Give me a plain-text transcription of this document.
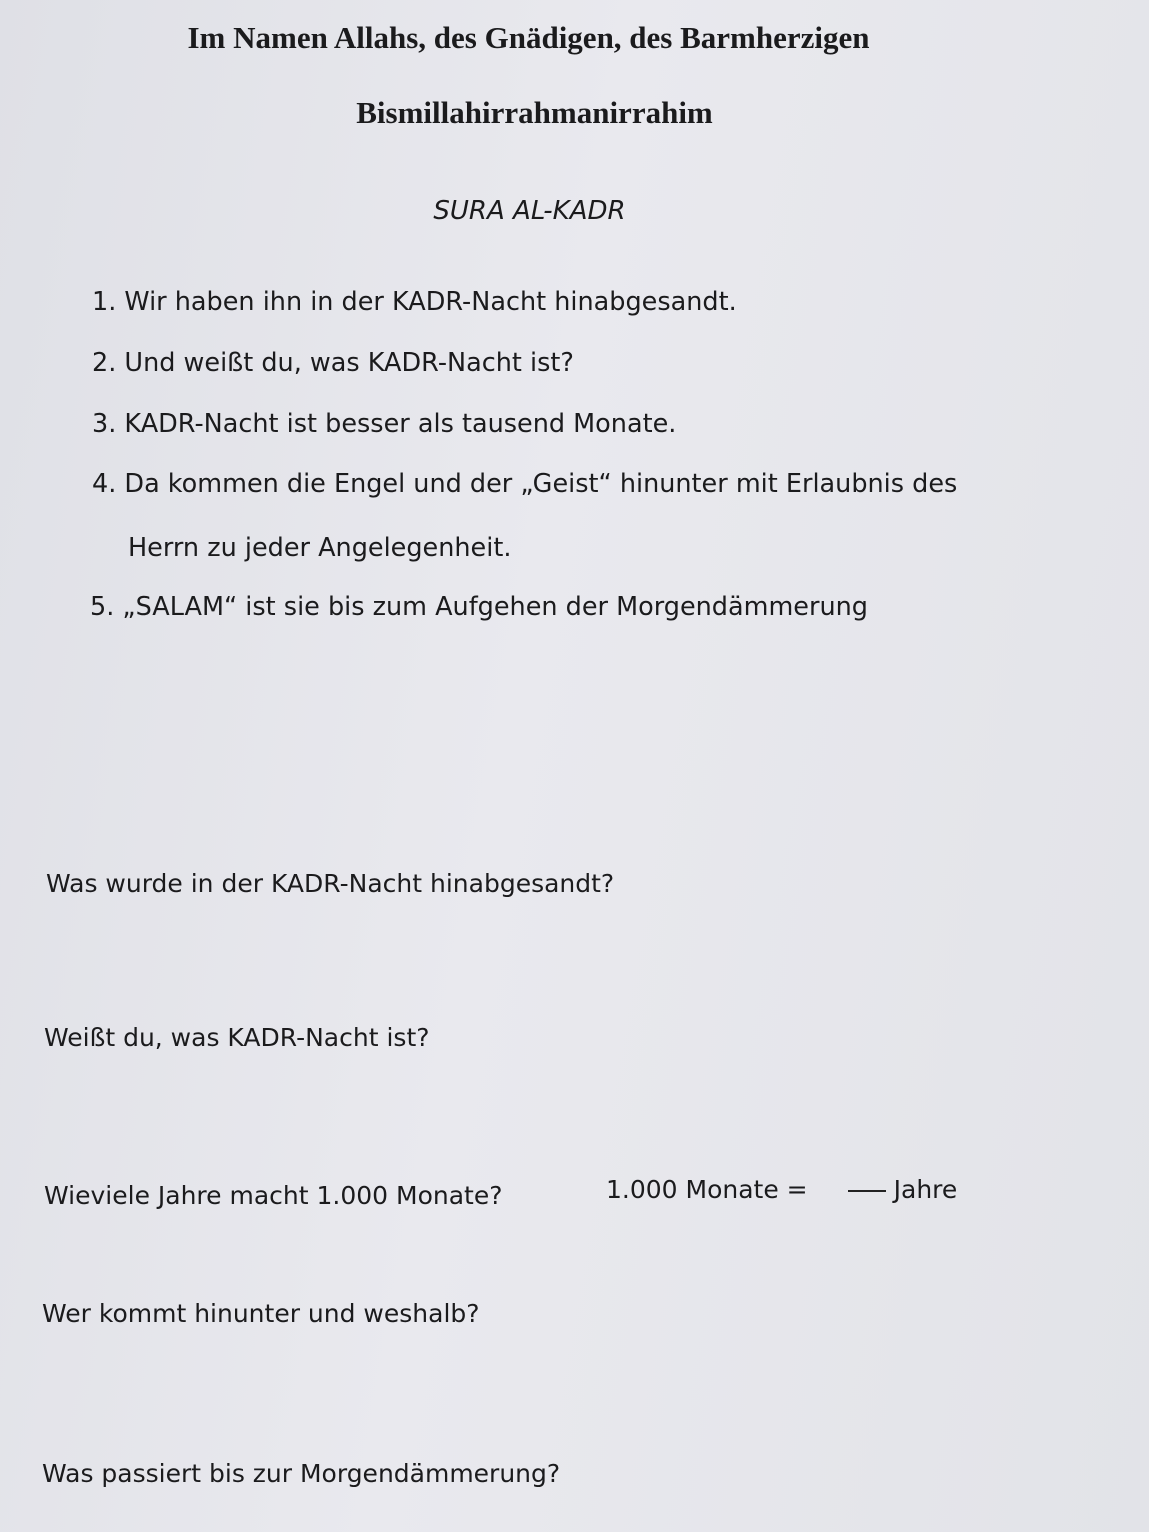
Im Namen Allahs, des Gnädigen, des Barmherzigen
Bismillahirrahmanirrahim
SURA AL-KADR
1. Wir haben ihn in der KADR-Nacht hinabgesandt.
2. Und weißt du, was KADR-Nacht ist?
3. KADR-Nacht ist besser als tausend Monate.
4. Da kommen die Engel und der „Geist“ hinunter mit Erlaubnis des
Herrn zu jeder Angelegenheit.
5. „SALAM“ ist sie bis zum Aufgehen der Morgendämmerung
Was wurde in der KADR-Nacht hinabgesandt?
Weißt du, was KADR-Nacht ist?
Wieviele Jahre macht 1.000 Monate?	1.000 Monate =	Jahre
Wer kommt hinunter und weshalb?
Was passiert bis zur Morgendämmerung?
